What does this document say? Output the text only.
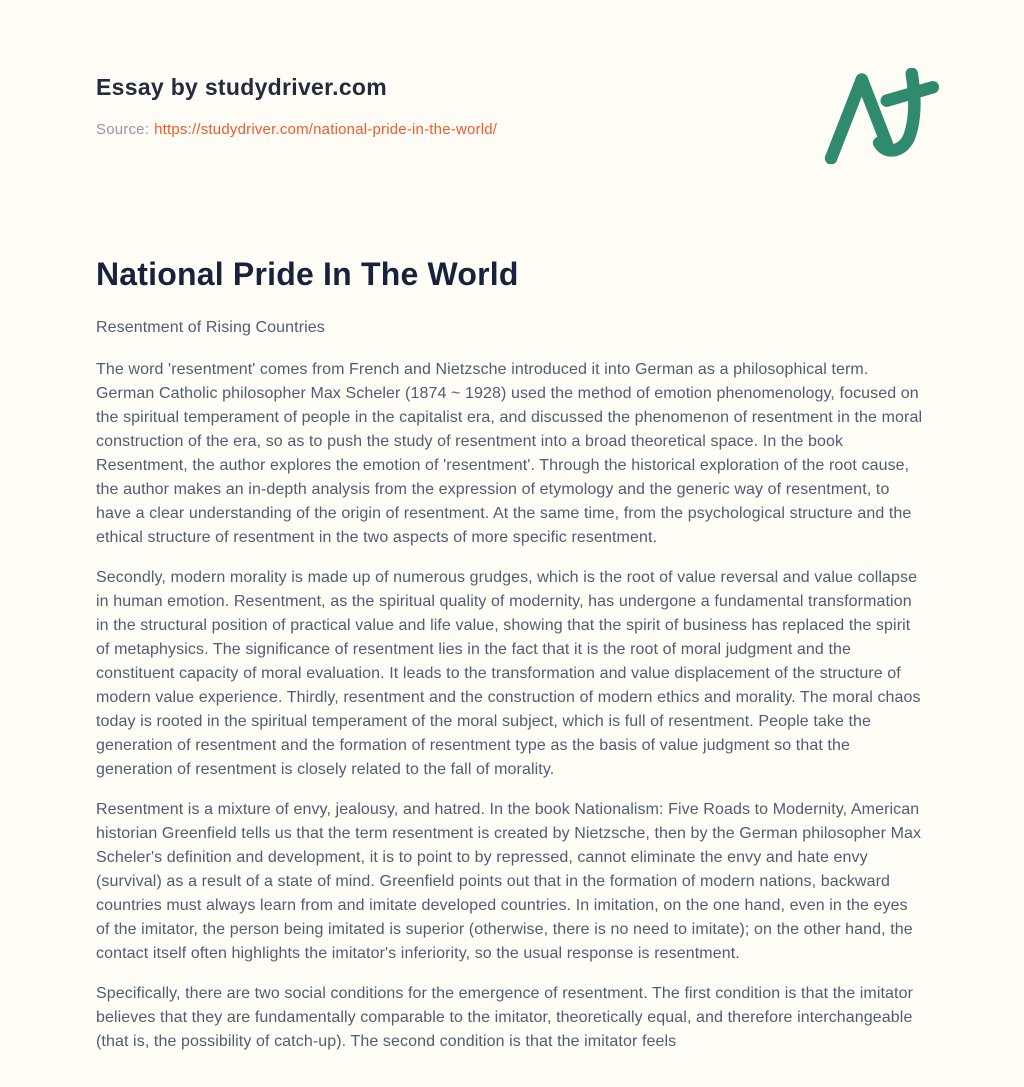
Essay by studydriver.com
Source: https://studydriver.com/national-pride-in-the-world/
National Pride In The World

Resentment of Rising Countries

The word 'resentment' comes from French and Nietzsche introduced it into German as a philosophical term. German Catholic philosopher Max Scheler (1874 ~ 1928) used the method of emotion phenomenology, focused on the spiritual temperament of people in the capitalist era, and discussed the phenomenon of resentment in the moral construction of the era, so as to push the study of resentment into a broad theoretical space. In the book Resentment, the author explores the emotion of 'resentment'. Through the historical exploration of the root cause, the author makes an in-depth analysis from the expression of etymology and the generic way of resentment, to have a clear understanding of the origin of resentment. At the same time, from the psychological structure and the ethical structure of resentment in the two aspects of more specific resentment.

Secondly, modern morality is made up of numerous grudges, which is the root of value reversal and value collapse in human emotion. Resentment, as the spiritual quality of modernity, has undergone a fundamental transformation in the structural position of practical value and life value, showing that the spirit of business has replaced the spirit of metaphysics. The significance of resentment lies in the fact that it is the root of moral judgment and the constituent capacity of moral evaluation. It leads to the transformation and value displacement of the structure of modern value experience. Thirdly, resentment and the construction of modern ethics and morality. The moral chaos today is rooted in the spiritual temperament of the moral subject, which is full of resentment. People take the generation of resentment and the formation of resentment type as the basis of value judgment so that the generation of resentment is closely related to the fall of morality.

Resentment is a mixture of envy, jealousy, and hatred. In the book Nationalism: Five Roads to Modernity, American historian Greenfield tells us that the term resentment is created by Nietzsche, then by the German philosopher Max Scheler's definition and development, it is to point to by repressed, cannot eliminate the envy and hate envy (survival) as a result of a state of mind. Greenfield points out that in the formation of modern nations, backward countries must always learn from and imitate developed countries. In imitation, on the one hand, even in the eyes of the imitator, the person being imitated is superior (otherwise, there is no need to imitate); on the other hand, the contact itself often highlights the imitator's inferiority, so the usual response is resentment.

Specifically, there are two social conditions for the emergence of resentment. The first condition is that the imitator believes that they are fundamentally comparable to the imitator, theoretically equal, and therefore interchangeable (that is, the possibility of catch-up). The second condition is that the imitator feels
